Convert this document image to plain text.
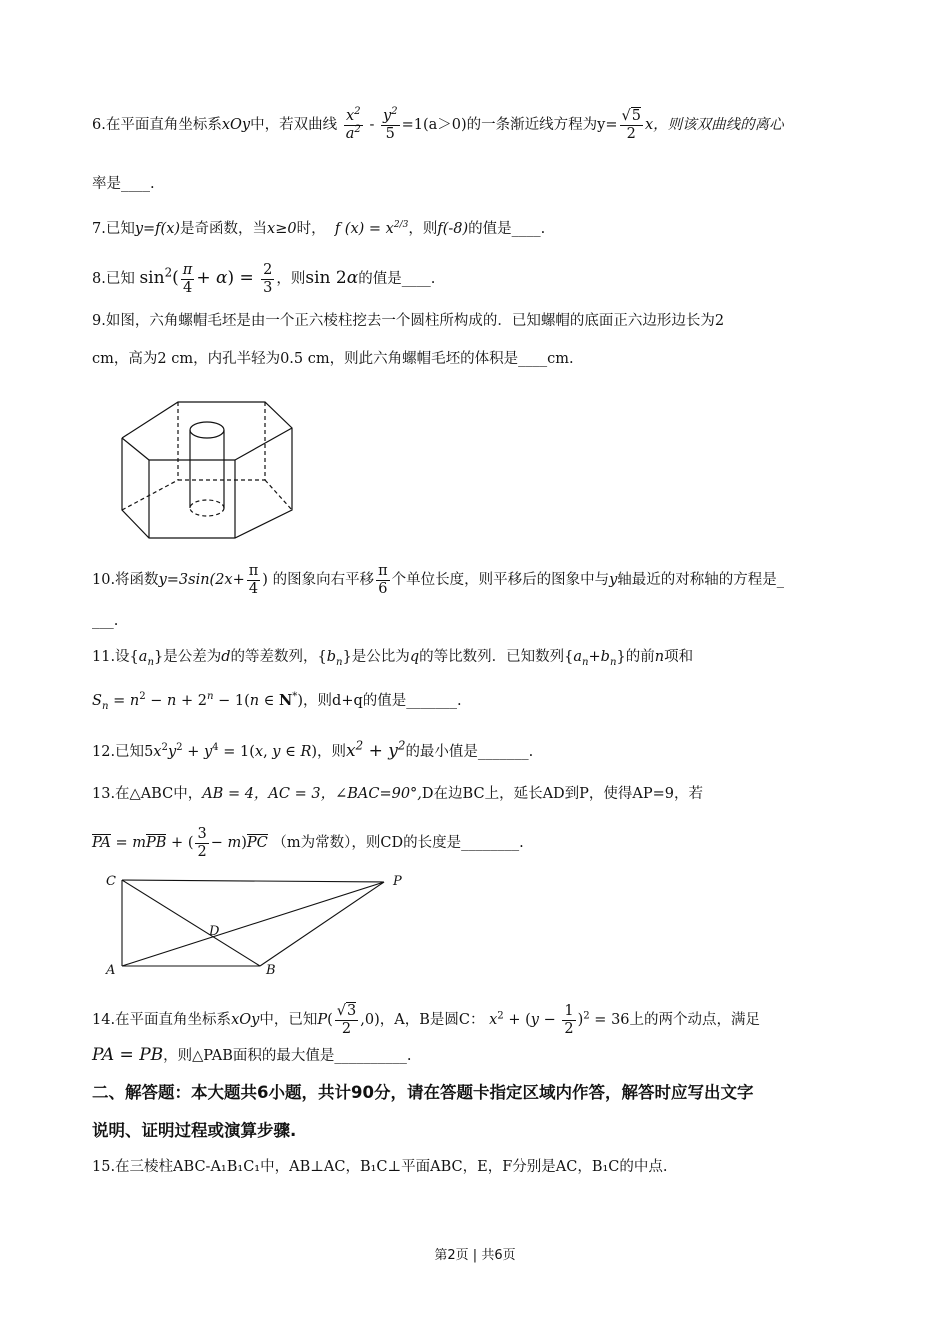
6.在平面直角坐标系xOy中，若双曲线 $\frac{x^2}{a^2} - \frac{y^2}{5} =1(a>0)$的一条渐近线方程为$y= \frac{√5}{2}$ x，则该双曲线的离心
率是____.
7.已知y=f(x)是奇函数，当x≥0时，  f $(x) = x^{2/3}$，则f(-8)的值是____.
8.已知 $\sin^2( \frac{\pi}{4} + \alpha) = \frac{2}{3}$ ，则sin 2α的值是____.
9.如图，六角螺帽毛坯是由一个正六棱柱挖去一个圆柱所构成的．已知螺帽的底面正六边形边长为2
cm，高为2 cm，内孔半轻为0.5 cm，则此六角螺帽毛坯的体积是____cm.
10.将函数$y=3\sin(2x+ \frac{\pi}{4}$ ) 的图象向右平移 $\frac{\pi}{6}$ 个单位长度，则平移后的图象中与y轴最近的对称轴的方程是_
___.
11.设$\{a_n\}$是公差为d的等差数列，$\{b_n\}$是公比为q的等比数列．已知数列$\{a_n+b_n\}$的前n项和
$S_n = n^2 - n + 2^n - 1(n$ ∈ N*)，则d+q的值是_______.
12.已知$5x^2y^2 + y^4 = 1(x$, y ∈ R)，则$x^2 + y^2$的最小值是_______.
13.在△ABC中，AB = 4，AC = 3，∠BAC=90°,D在边BC上，延长AD到P，使得AP=9，若
PA = mPB + ( $\frac{3}{2} - m)PC$ （m为常数），则CD的长度是________.
C	P
D
A	B
14.在平面直角坐标系xOy中，已知$P( \frac{√3}{2} ,0)$，A，B是圆C： $x^2 + (y - \frac{1}{2} )^2 = 36$上的两个动点，满足
PA = PB，则△PAB面积的最大值是__________.
二、解答题：本大题共6小题，共计90分，请在答题卡指定区域内作答，解答时应写出文字
说明、证明过程或演算步骤.
15.在三棱柱ABC-A₁B₁C₁中，AB⊥AC，B₁C⊥平面ABC，E，F分别是AC，B₁C的中点.
第2页 | 共6页
